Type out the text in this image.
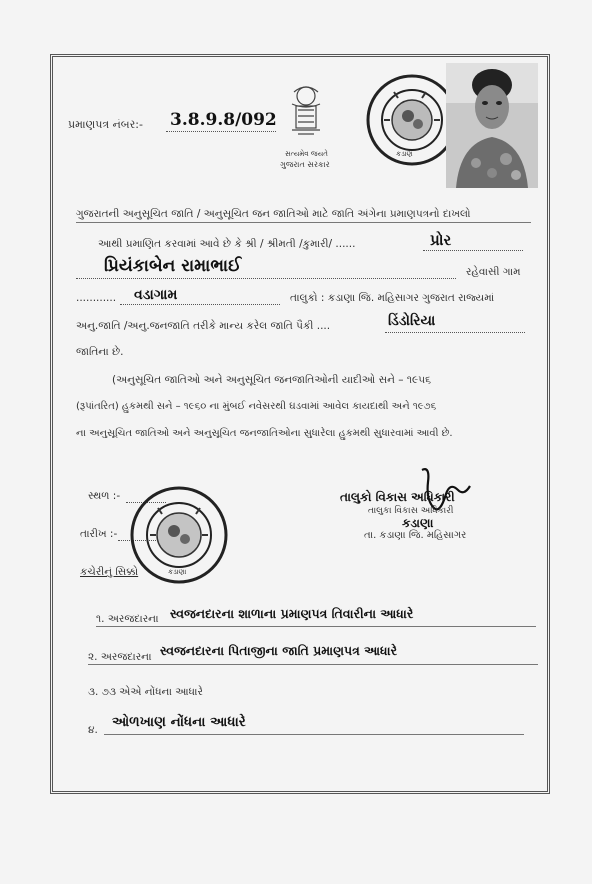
પ્રમાણપત્ર નંબર:- 3.8.9.8/092
સત્યમેવ જયતે
ગુજરાત સરકાર
કડાણ
ગુજરાતની અનુસૂચિત જાતિ / અનુસૂચિત જન જાતિઓ માટે જાતિ અંગેના પ્રમાણપત્રનો દાખલો
આથી પ્રમાણિત કરવામાં આવે છે કે શ્રી / શ્રીમતી /કુમારી/ ......	પ્રોર
પ્રિયંકાબેન રામાભાઈ	રહેવાસી ગામ
............ વડાગામ	તાલુકો : કડાણા જિ. મહિસાગર ગુજરાત રાજ્યમાં
અનુ.જાતિ /અનુ.જનજાતિ તરીકે માન્ય કરેલ જાતિ પૈકી ....	ડિંડોરિયા
જાતિના છે.
(અનુસૂચિત જાતિઓ અને અનુસૂચિત જનજાતિઓની યાદીઓ સને – ૧૯૫૬
(રૂપાંતરિત) હુકમથી સને – ૧૯૬૦ ના મુંબઈ નવેસરથી ઘડવામાં આવેલ કાયદાથી અને ૧૯૭૬
ના અનુસૂચિત જાતિઓ અને અનુસૂચિત જનજાતિઓના સુધારેલા હુકમથી સુધારવામાં આવી છે.
સ્થળ :-
તારીખ :-
કચેરીનું સિક્કો	કડાણા
તાલુકો વિકાસ અધિકારી
તાલુકા વિકાસ અધિકારી
કડાણા
તા. કડાણા જિ. મહિસાગર
૧. અરજદારના સ્વજનદારના શાળાના પ્રમાણપત્ર તિવારીના આધારે
૨. અરજદારના સ્વજનદારના પિતાજીના જાતિ પ્રમાણપત્ર આધારે
૩. ૭૩ એએ નોંધના આધારે
૪. ઓળખાણ નોંધના આધારે
